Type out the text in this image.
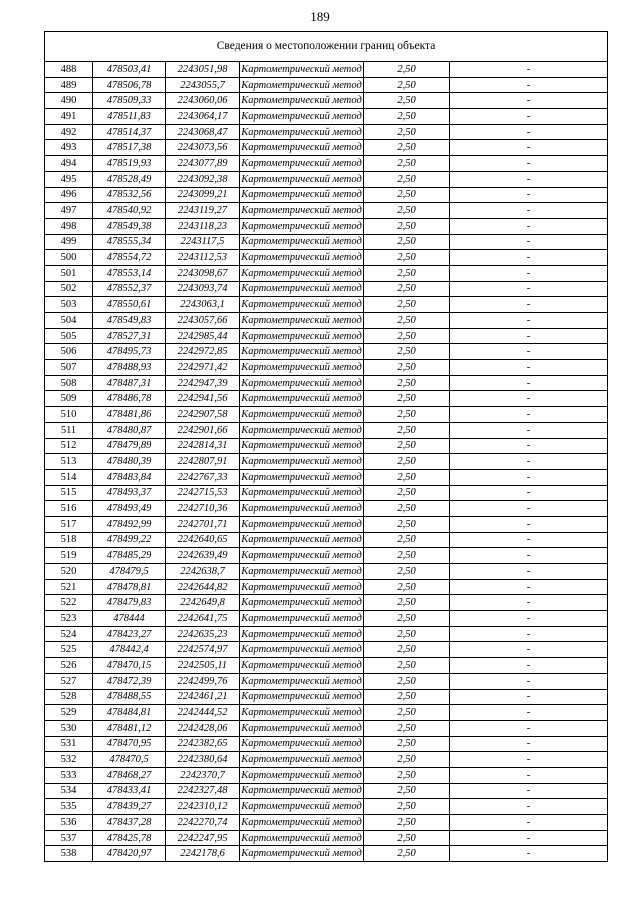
189
Сведения о местоположении границ объекта					
488	478503,41	2243051,98	Картометрический метод	2,50	-
489	478506,78	2243055,7	Картометрический метод	2,50	-
490	478509,33	2243060,06	Картометрический метод	2,50	-
491	478511,83	2243064,17	Картометрический метод	2,50	-
492	478514,37	2243068,47	Картометрический метод	2,50	-
493	478517,38	2243073,56	Картометрический метод	2,50	-
494	478519,93	2243077,89	Картометрический метод	2,50	-
495	478528,49	2243092,38	Картометрический метод	2,50	-
496	478532,56	2243099,21	Картометрический метод	2,50	-
497	478540,92	2243119,27	Картометрический метод	2,50	-
498	478549,38	2243118,23	Картометрический метод	2,50	-
499	478555,34	2243117,5	Картометрический метод	2,50	-
500	478554,72	2243112,53	Картометрический метод	2,50	-
501	478553,14	2243098,67	Картометрический метод	2,50	-
502	478552,37	2243093,74	Картометрический метод	2,50	-
503	478550,61	2243063,1	Картометрический метод	2,50	-
504	478549,83	2243057,66	Картометрический метод	2,50	-
505	478527,31	2242985,44	Картометрический метод	2,50	-
506	478495,73	2242972,85	Картометрический метод	2,50	-
507	478488,93	2242971,42	Картометрический метод	2,50	-
508	478487,31	2242947,39	Картометрический метод	2,50	-
509	478486,78	2242941,56	Картометрический метод	2,50	-
510	478481,86	2242907,58	Картометрический метод	2,50	-
511	478480,87	2242901,66	Картометрический метод	2,50	-
512	478479,89	2242814,31	Картометрический метод	2,50	-
513	478480,39	2242807,91	Картометрический метод	2,50	-
514	478483,84	2242767,33	Картометрический метод	2,50	-
515	478493,37	2242715,53	Картометрический метод	2,50	-
516	478493,49	2242710,36	Картометрический метод	2,50	-
517	478492,99	2242701,71	Картометрический метод	2,50	-
518	478499,22	2242640,65	Картометрический метод	2,50	-
519	478485,29	2242639,49	Картометрический метод	2,50	-
520	478479,5	2242638,7	Картометрический метод	2,50	-
521	478478,81	2242644,82	Картометрический метод	2,50	-
522	478479,83	2242649,8	Картометрический метод	2,50	-
523	478444	2242641,75	Картометрический метод	2,50	-
524	478423,27	2242635,23	Картометрический метод	2,50	-
525	478442,4	2242574,97	Картометрический метод	2,50	-
526	478470,15	2242505,11	Картометрический метод	2,50	-
527	478472,39	2242499,76	Картометрический метод	2,50	-
528	478488,55	2242461,21	Картометрический метод	2,50	-
529	478484,81	2242444,52	Картометрический метод	2,50	-
530	478481,12	2242428,06	Картометрический метод	2,50	-
531	478470,95	2242382,65	Картометрический метод	2,50	-
532	478470,5	2242380,64	Картометрический метод	2,50	-
533	478468,27	2242370,7	Картометрический метод	2,50	-
534	478433,41	2242327,48	Картометрический метод	2,50	-
535	478439,27	2242310,12	Картометрический метод	2,50	-
536	478437,28	2242270,74	Картометрический метод	2,50	-
537	478425,78	2242247,95	Картометрический метод	2,50	-
538	478420,97	2242178,6	Картометрический метод	2,50	-
